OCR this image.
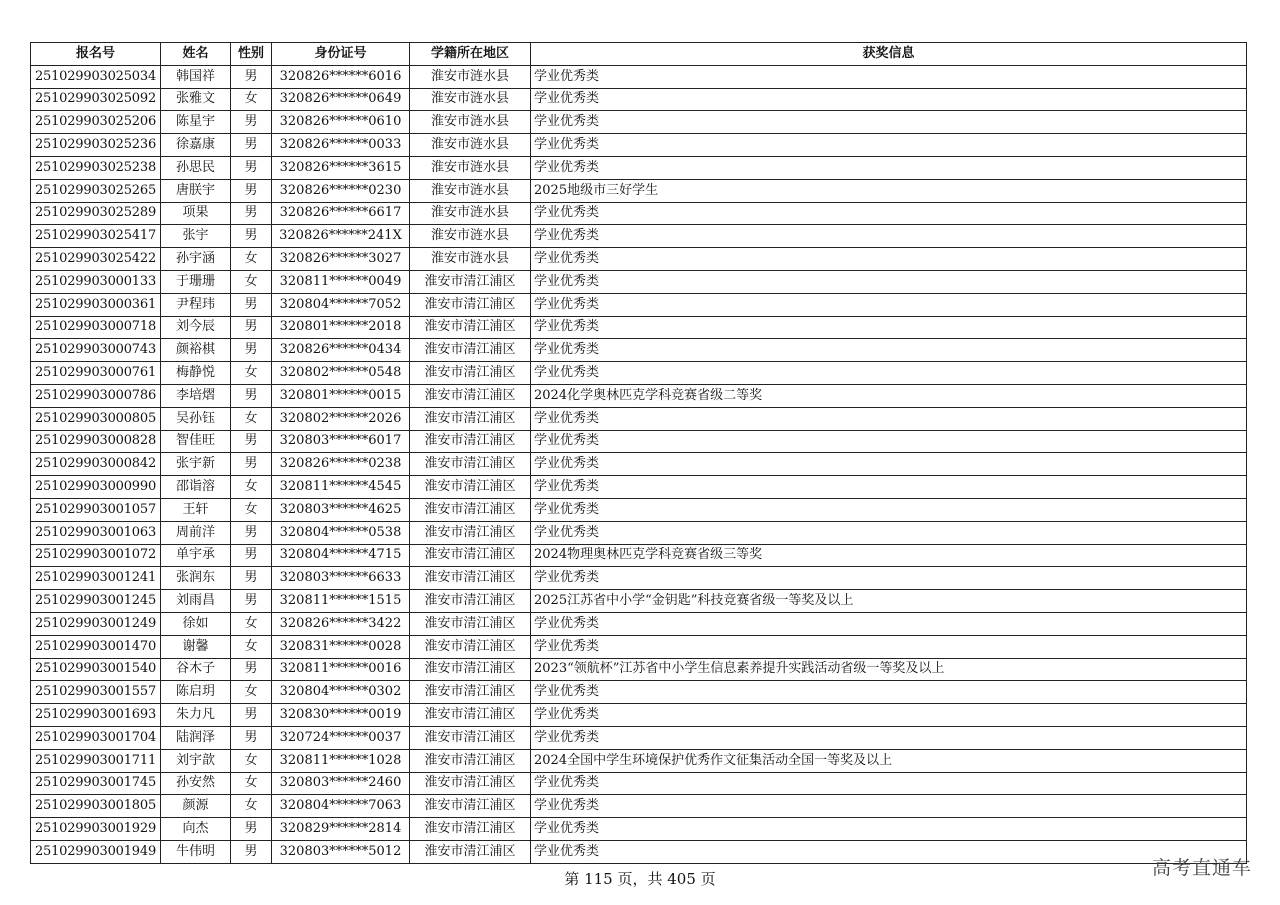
报名号	姓名	性别	身份证号	学籍所在地区	获奖信息
251029903025034	韩国祥	男	320826******6016	淮安市涟水县	学业优秀类
251029903025092	张雅文	女	320826******0649	淮安市涟水县	学业优秀类
251029903025206	陈星宇	男	320826******0610	淮安市涟水县	学业优秀类
251029903025236	徐嘉康	男	320826******0033	淮安市涟水县	学业优秀类
251029903025238	孙思民	男	320826******3615	淮安市涟水县	学业优秀类
251029903025265	唐朕宇	男	320826******0230	淮安市涟水县	2025地级市三好学生
251029903025289	项果	男	320826******6617	淮安市涟水县	学业优秀类
251029903025417	张宇	男	320826******241X	淮安市涟水县	学业优秀类
251029903025422	孙宇涵	女	320826******3027	淮安市涟水县	学业优秀类
251029903000133	于珊珊	女	320811******0049	淮安市清江浦区	学业优秀类
251029903000361	尹程玮	男	320804******7052	淮安市清江浦区	学业优秀类
251029903000718	刘今辰	男	320801******2018	淮安市清江浦区	学业优秀类
251029903000743	颜裕棋	男	320826******0434	淮安市清江浦区	学业优秀类
251029903000761	梅静悦	女	320802******0548	淮安市清江浦区	学业优秀类
251029903000786	李培熠	男	320801******0015	淮安市清江浦区	2024化学奥林匹克学科竞赛省级二等奖
251029903000805	吴孙钰	女	320802******2026	淮安市清江浦区	学业优秀类
251029903000828	智佳旺	男	320803******6017	淮安市清江浦区	学业优秀类
251029903000842	张宇新	男	320826******0238	淮安市清江浦区	学业优秀类
251029903000990	邵诣溶	女	320811******4545	淮安市清江浦区	学业优秀类
251029903001057	王轩	女	320803******4625	淮安市清江浦区	学业优秀类
251029903001063	周前洋	男	320804******0538	淮安市清江浦区	学业优秀类
251029903001072	单宇承	男	320804******4715	淮安市清江浦区	2024物理奥林匹克学科竞赛省级三等奖
251029903001241	张润东	男	320803******6633	淮安市清江浦区	学业优秀类
251029903001245	刘雨昌	男	320811******1515	淮安市清江浦区	2025江苏省中小学“金钥匙”科技竞赛省级一等奖及以上
251029903001249	徐如	女	320826******3422	淮安市清江浦区	学业优秀类
251029903001470	谢馨	女	320831******0028	淮安市清江浦区	学业优秀类
251029903001540	谷木子	男	320811******0016	淮安市清江浦区	2023“领航杯”江苏省中小学生信息素养提升实践活动省级一等奖及以上
251029903001557	陈启玥	女	320804******0302	淮安市清江浦区	学业优秀类
251029903001693	朱力凡	男	320830******0019	淮安市清江浦区	学业优秀类
251029903001704	陆润泽	男	320724******0037	淮安市清江浦区	学业优秀类
251029903001711	刘宇歆	女	320811******1028	淮安市清江浦区	2024全国中学生环境保护优秀作文征集活动全国一等奖及以上
251029903001745	孙安然	女	320803******2460	淮安市清江浦区	学业优秀类
251029903001805	颜源	女	320804******7063	淮安市清江浦区	学业优秀类
251029903001929	向杰	男	320829******2814	淮安市清江浦区	学业优秀类
251029903001949	牛伟明	男	320803******5012	淮安市清江浦区	学业优秀类
第 115 页，共 405 页	高考直通车
